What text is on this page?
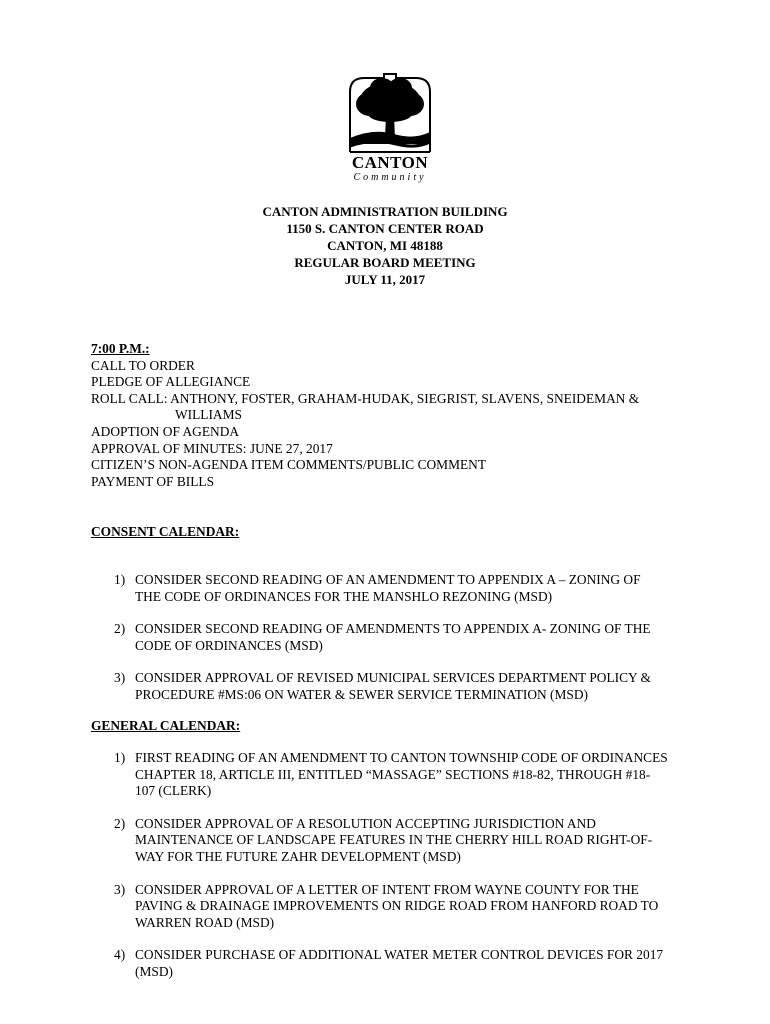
CANTON
Community
CANTON ADMINISTRATION BUILDING
1150 S. CANTON CENTER ROAD
CANTON, MI 48188
REGULAR BOARD MEETING
JULY 11, 2017
7:00 P.M.:
CALL TO ORDER
PLEDGE OF ALLEGIANCE
ROLL CALL: ANTHONY, FOSTER, GRAHAM-HUDAK, SIEGRIST, SLAVENS, SNEIDEMAN &
WILLIAMS
ADOPTION OF AGENDA
APPROVAL OF MINUTES: JUNE 27, 2017
CITIZEN’S NON-AGENDA ITEM COMMENTS/PUBLIC COMMENT
PAYMENT OF BILLS
CONSENT CALENDAR:
1) CONSIDER SECOND READING OF AN AMENDMENT TO APPENDIX A – ZONING OF
THE CODE OF ORDINANCES FOR THE MANSHLO REZONING (MSD)
2) CONSIDER SECOND READING OF AMENDMENTS TO APPENDIX A- ZONING OF THE
CODE OF ORDINANCES (MSD)
3) CONSIDER APPROVAL OF REVISED MUNICIPAL SERVICES DEPARTMENT POLICY &
PROCEDURE #MS:06 ON WATER & SEWER SERVICE TERMINATION (MSD)
GENERAL CALENDAR:
1) FIRST READING OF AN AMENDMENT TO CANTON TOWNSHIP CODE OF ORDINANCES
CHAPTER 18, ARTICLE III, ENTITLED “MASSAGE” SECTIONS #18-82, THROUGH #18-
107 (CLERK)
2) CONSIDER APPROVAL OF A RESOLUTION ACCEPTING JURISDICTION AND
MAINTENANCE OF LANDSCAPE FEATURES IN THE CHERRY HILL ROAD RIGHT-OF-
WAY FOR THE FUTURE ZAHR DEVELOPMENT (MSD)
3) CONSIDER APPROVAL OF A LETTER OF INTENT FROM WAYNE COUNTY FOR THE
PAVING & DRAINAGE IMPROVEMENTS ON RIDGE ROAD FROM HANFORD ROAD TO
WARREN ROAD (MSD)
4) CONSIDER PURCHASE OF ADDITIONAL WATER METER CONTROL DEVICES FOR 2017
(MSD)
